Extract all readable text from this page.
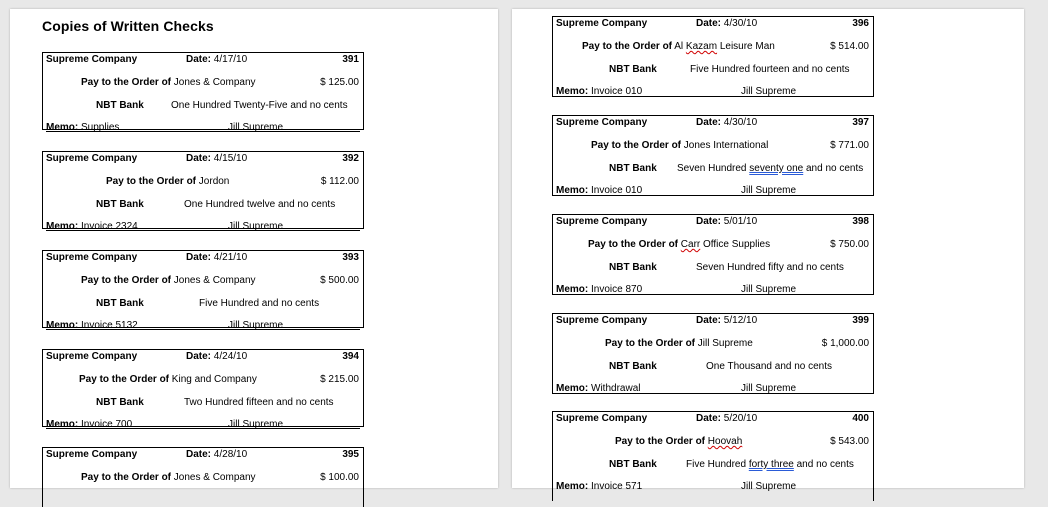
Copies of Written Checks
Supreme Company	Date: 4/17/10	391
Pay to the Order of Jones & Company	$ 125.00
NBT Bank	One Hundred Twenty-Five and no cents
Memo: Supplies	Jill Supreme
Supreme Company	Date: 4/15/10	392
Pay to the Order of Jordon	$ 112.00
NBT Bank	One Hundred twelve and no cents
Memo: Invoice 2324	Jill Supreme
Supreme Company	Date: 4/21/10	393
Pay to the Order of Jones & Company	$ 500.00
NBT Bank	Five Hundred and no cents
Memo: Invoice 5132	Jill Supreme
Supreme Company	Date: 4/24/10	394
Pay to the Order of King and Company	$ 215.00
NBT Bank	Two Hundred fifteen and no cents
Memo: Invoice 700	Jill Supreme
Supreme Company	Date: 4/28/10	395
Pay to the Order of Jones & Company	$ 100.00
Supreme Company	Date: 4/30/10	396
Pay to the Order of Al Kazam Leisure Man	$ 514.00
NBT Bank	Five Hundred fourteen and no cents
Memo: Invoice 010	Jill Supreme
Supreme Company	Date: 4/30/10	397
Pay to the Order of Jones International	$ 771.00
NBT Bank Seven Hundred seventy one and no cents
Memo: Invoice 010	Jill Supreme
Supreme Company	Date: 5/01/10	398
Pay to the Order of Carr Office Supplies	$ 750.00
NBT Bank	Seven Hundred fifty and no cents
Memo: Invoice 870	Jill Supreme
Supreme Company	Date: 5/12/10	399
Pay to the Order of Jill Supreme	$ 1,000.00
NBT Bank	One Thousand and no cents
Memo: Withdrawal	Jill Supreme
Supreme Company	Date: 5/20/10	400
Pay to the Order of Hoovah	$ 543.00
NBT Bank	Five Hundred forty three and no cents
Memo: Invoice 571	Jill Supreme
